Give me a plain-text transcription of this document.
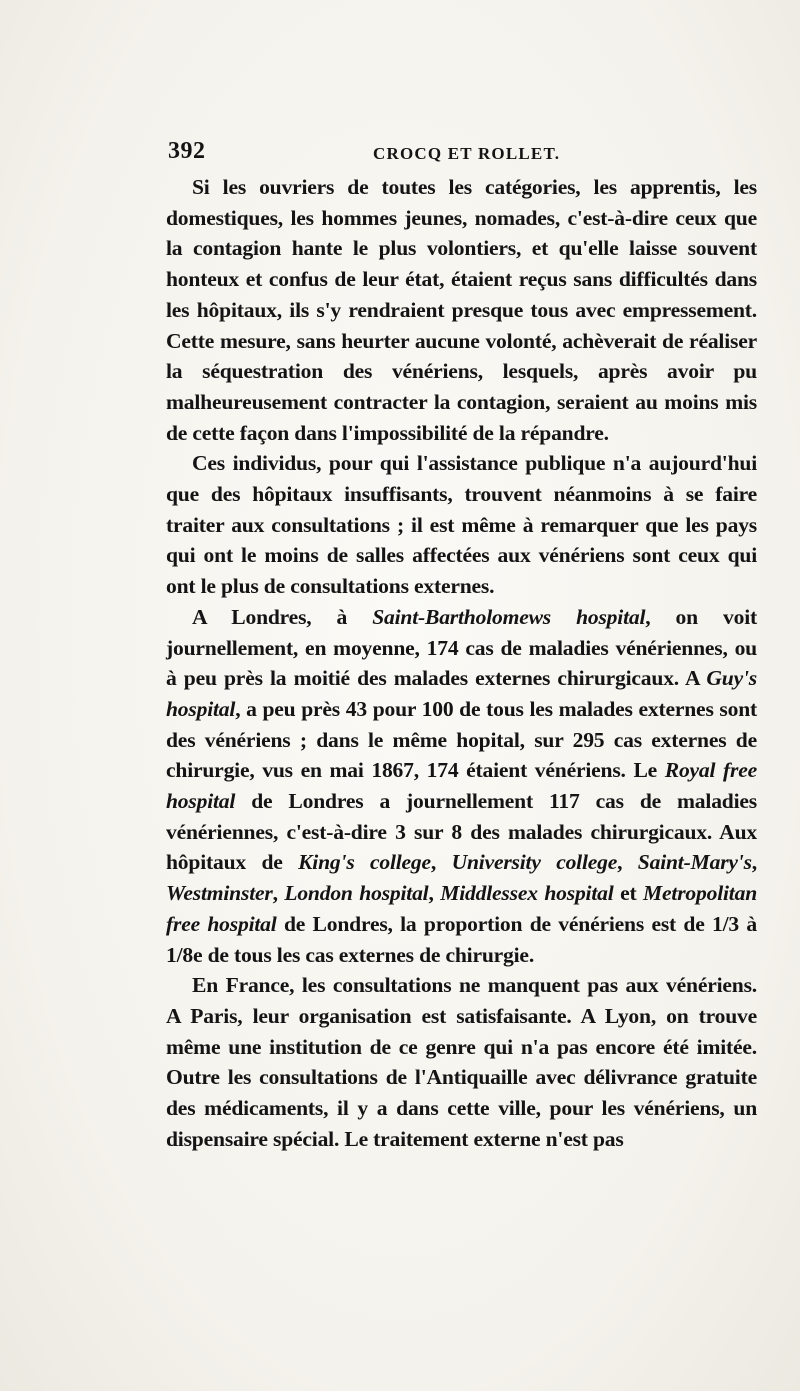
392	CROCQ ET ROLLET.

Si les ouvriers de toutes les catégories, les apprentis, les domestiques, les hommes jeunes, nomades, c'est-à-dire ceux que la contagion hante le plus volontiers, et qu'elle laisse souvent honteux et confus de leur état, étaient reçus sans difficultés dans les hôpitaux, ils s'y rendraient presque tous avec empressement. Cette mesure, sans heurter aucune volonté, achèverait de réaliser la séquestration des vénériens, lesquels, après avoir pu malheureusement contracter la contagion, seraient au moins mis de cette façon dans l'impossibilité de la répandre.

Ces individus, pour qui l'assistance publique n'a aujourd'hui que des hôpitaux insuffisants, trouvent néanmoins à se faire traiter aux consultations ; il est même à remarquer que les pays qui ont le moins de salles affectées aux vénériens sont ceux qui ont le plus de consultations externes.

A Londres, à Saint-Bartholomews hospital, on voit journellement, en moyenne, 174 cas de maladies vénériennes, ou à peu près la moitié des malades externes chirurgicaux. A Guy's hospital, a peu près 43 pour 100 de tous les malades externes sont des vénériens ; dans le même hopital, sur 295 cas externes de chirurgie, vus en mai 1867, 174 étaient vénériens. Le Royal free hospital de Londres a journellement 117 cas de maladies vénériennes, c'est-à-dire 3 sur 8 des malades chirurgicaux. Aux hôpitaux de King's college, University college, Saint-Mary's, Westminster, London hospital, Middlessex hospital et Metropolitan free hospital de Londres, la proportion de vénériens est de 1/3 à 1/8e de tous les cas externes de chirurgie.

En France, les consultations ne manquent pas aux vénériens. A Paris, leur organisation est satisfaisante. A Lyon, on trouve même une institution de ce genre qui n'a pas encore été imitée. Outre les consultations de l'Antiquaille avec délivrance gratuite des médicaments, il y a dans cette ville, pour les vénériens, un dispensaire spécial. Le traitement externe n'est pas
